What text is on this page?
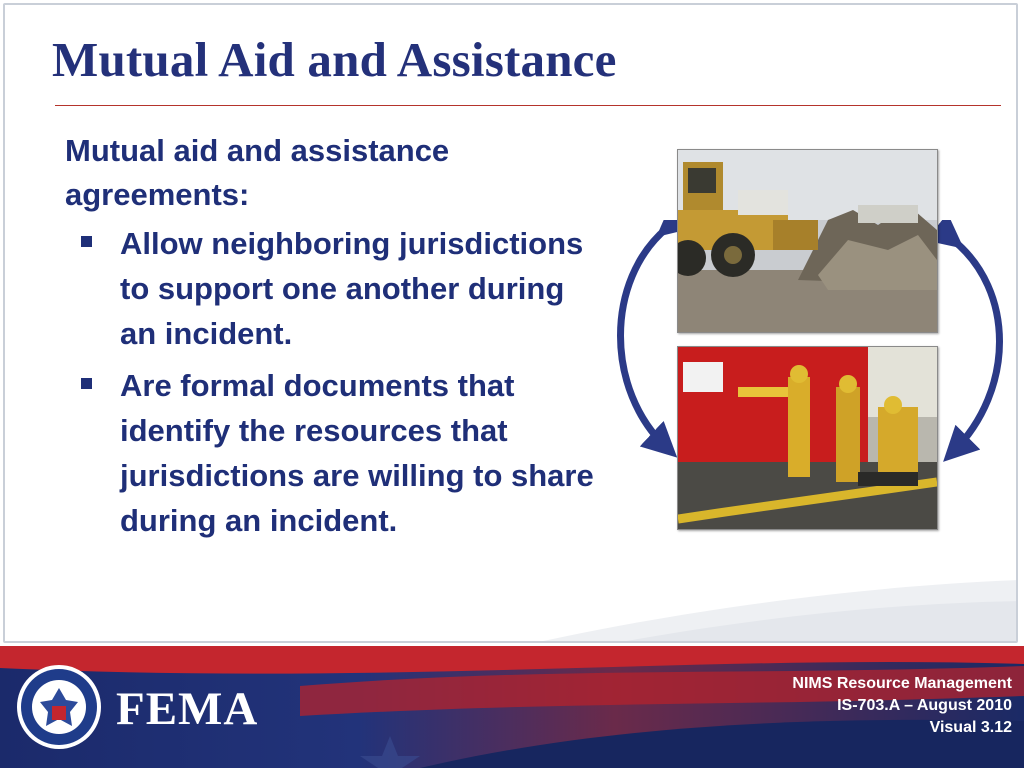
Mutual Aid and Assistance

Mutual aid and assistance agreements:

Allow neighboring jurisdictions to support one another during an incident.
Are formal documents that identify the resources that jurisdictions are willing to share during an incident.
FEMA	NIMS Resource Management
IS-703.A – August 2010
Visual 3.12
